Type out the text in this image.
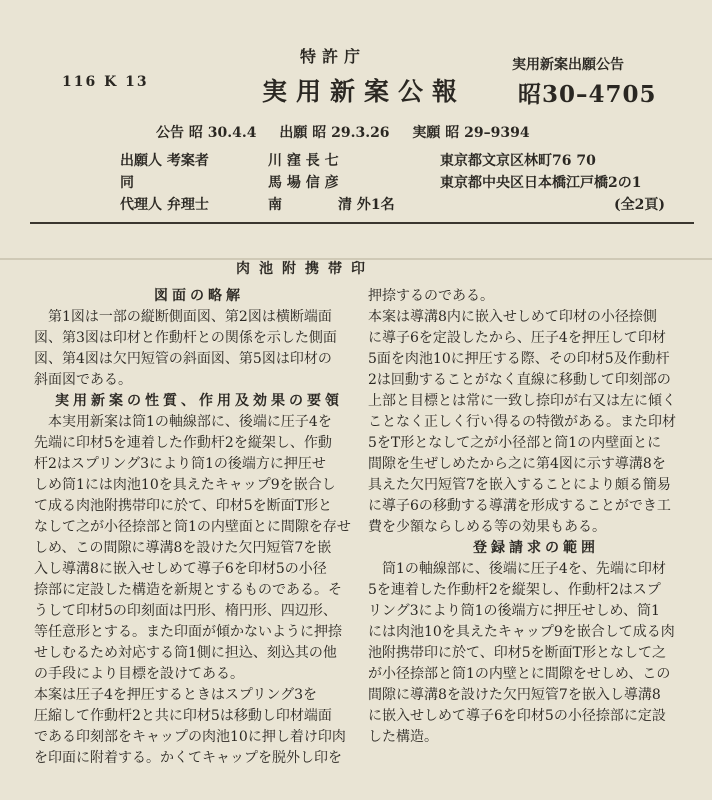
特許庁
実用新案公報
116 K 13
実用新案出願公告
昭30–4705
公告 昭 30.4.4 出願 昭 29.3.26 実願 昭 29–9394
出願人 考案者	川 窪 長 七	東京都文京区林町76 70
同	馬 場 信 彦	東京都中央区日本橋江戸橋2の1
代理人 弁理士	南　　　　清 外1名	(全2頁)
肉池附携帯印

図面の略解

第1図は一部の縦断側面図、第2図は横断端面

図、第3図は印材と作動杆との関係を示した側面

図、第4図は欠円短管の斜面図、第5図は印材の

斜面図である。

実用新案の性質、作用及効果の要領

本実用新案は筒1の軸線部に、後端に圧子4を

先端に印材5を連着した作動杆2を縦架し、作動

杆2はスプリング3により筒1の後端方に押圧せ

しめ筒1には肉池10を具えたキャップ9を嵌合し

て成る肉池附携帯印に於て、印材5を断面T形と

なして之が小径捺部と筒1の内壁面とに間隙を存せ

しめ、この間隙に導溝8を設けた欠円短管7を嵌

入し導溝8に嵌入せしめて導子6を印材5の小径

捺部に定設した構造を新規とするものである。そ

うして印材5の印刻面は円形、楕円形、四辺形、

等任意形とする。また印面が傾かないように押捺

せしむるため対応する筒1側に担込、刻込其の他

の手段により目標を設けてある。

本案は圧子4を押圧するときはスプリング3を

圧縮して作動杆2と共に印材5は移動し印材端面

である印刻部をキャップの肉池10に押し着け印肉

を印面に附着する。かくてキャップを脱外し印を

押捺するのである。

本案は導溝8内に嵌入せしめて印材の小径捺側

に導子6を定設したから、圧子4を押圧して印材

5面を肉池10に押圧する際、その印材5及作動杆

2は回動することがなく直線に移動して印刻部の

上部と目標とは常に一致し捺印が右又は左に傾く

ことなく正しく行い得るの特徴がある。また印材

5をT形となして之が小径部と筒1の内壁面とに

間隙を生ぜしめたから之に第4図に示す導溝8を

具えた欠円短管7を嵌入することにより頗る簡易

に導子6の移動する導溝を形成することができ工

費を少額ならしめる等の効果もある。

登録請求の範囲

筒1の軸線部に、後端に圧子4を、先端に印材

5を連着した作動杆2を縦架し、作動杆2はスプ

リング3により筒1の後端方に押圧せしめ、筒1

には肉池10を具えたキャップ9を嵌合して成る肉

池附携帯印に於て、印材5を断面T形となして之

が小径捺部と筒1の内壁とに間隙をせしめ、この

間隙に導溝8を設けた欠円短管7を嵌入し導溝8

に嵌入せしめて導子6を印材5の小径捺部に定設

した構造。
